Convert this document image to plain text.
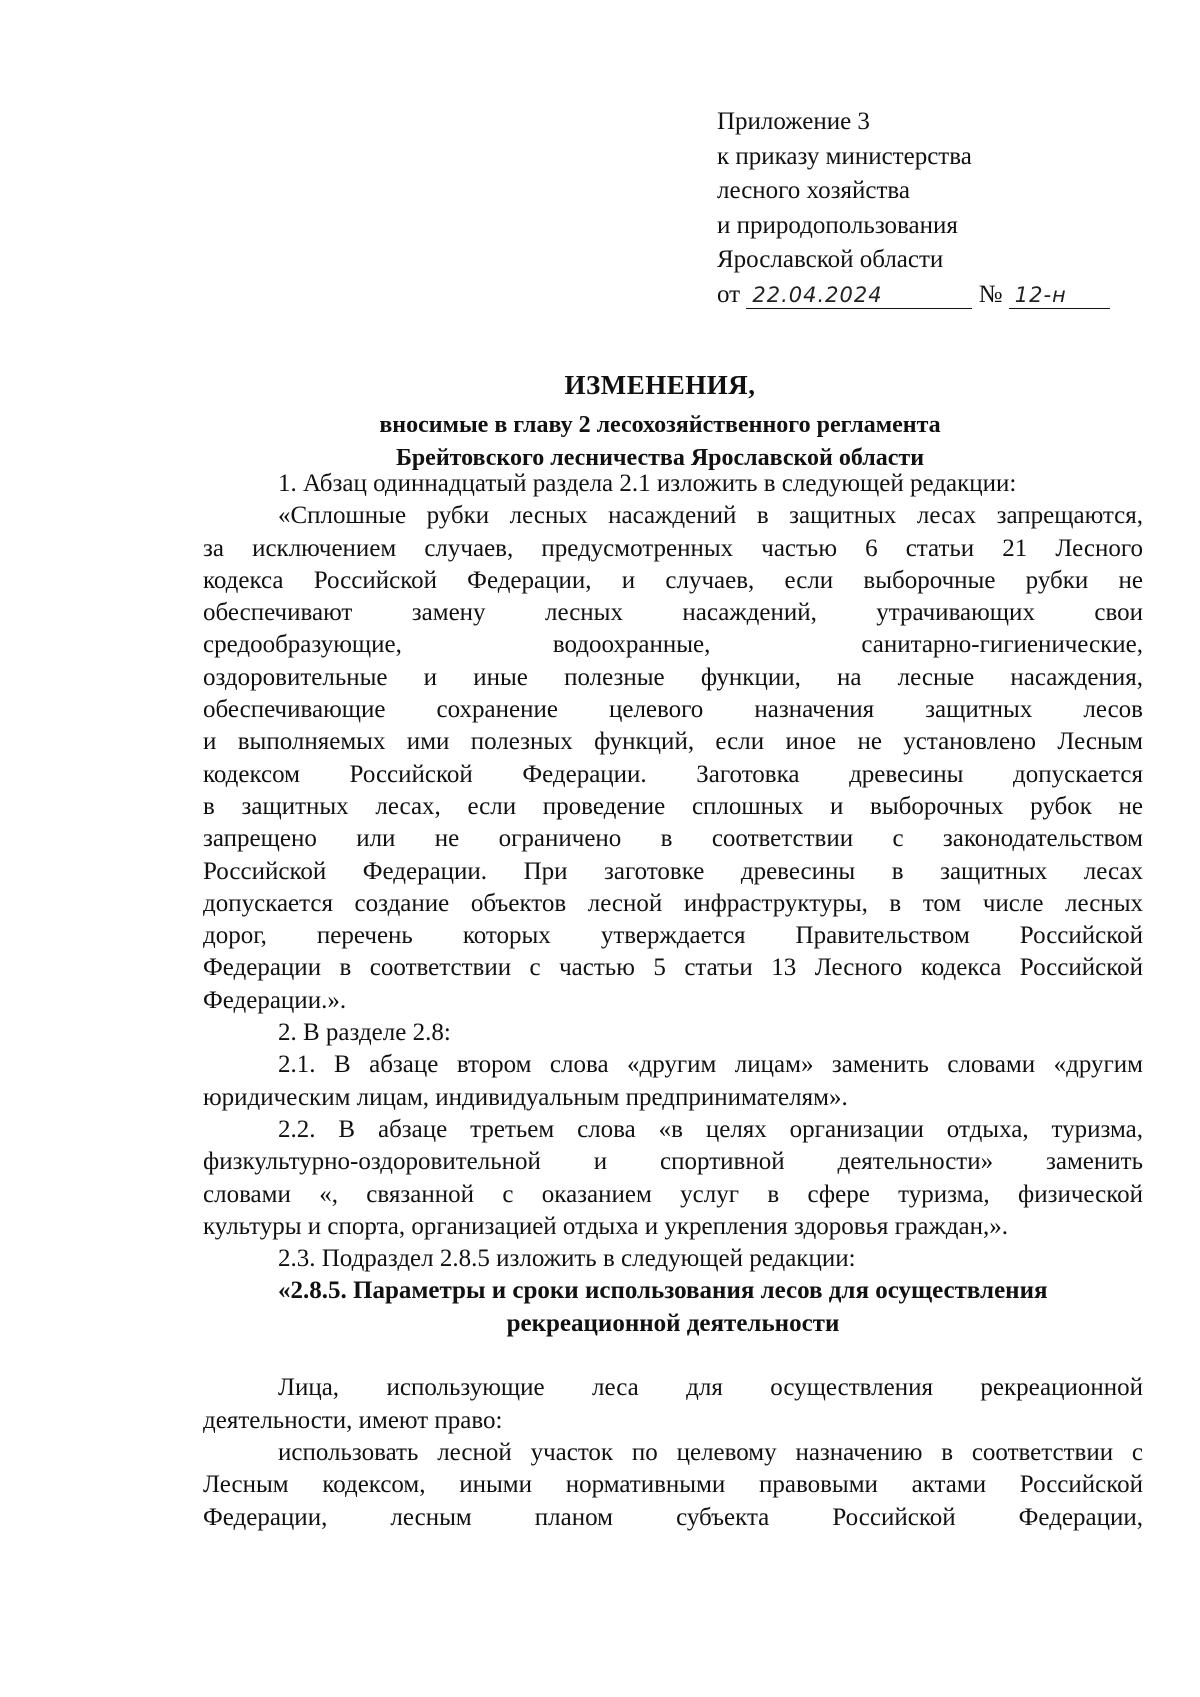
Приложение 3
к приказу министерства
лесного хозяйства
и природопользования
Ярославской области
от 22.04.2024	№ 12-н
ИЗМЕНЕНИЯ,
вносимые в главу 2 лесохозяйственного регламента
Брейтовского лесничества Ярославской области
1. Абзац одиннадцатый раздела 2.1 изложить в следующей редакции:
«Сплошные рубки лесных насаждений в защитных лесах запрещаются,
за исключением случаев, предусмотренных частью 6 статьи 21 Лесного
кодекса Российской Федерации, и случаев, если выборочные рубки не
обеспечивают замену лесных насаждений, утрачивающих свои
средообразующие, водоохранные, санитарно-гигиенические,
оздоровительные и иные полезные функции, на лесные насаждения,
обеспечивающие сохранение целевого назначения защитных лесов
и выполняемых ими полезных функций, если иное не установлено Лесным
кодексом Российской Федерации. Заготовка древесины допускается
в защитных лесах, если проведение сплошных и выборочных рубок не
запрещено или не ограничено в соответствии с законодательством
Российской Федерации. При заготовке древесины в защитных лесах
допускается создание объектов лесной инфраструктуры, в том числе лесных
дорог, перечень которых утверждается Правительством Российской
Федерации в соответствии с частью 5 статьи 13 Лесного кодекса Российской
Федерации.».
2. В разделе 2.8:
2.1. В абзаце втором слова «другим лицам» заменить словами «другим
юридическим лицам, индивидуальным предпринимателям».
2.2. В абзаце третьем слова «в целях организации отдыха, туризма,
физкультурно-оздоровительной и спортивной деятельности» заменить
словами «, связанной с оказанием услуг в сфере туризма, физической
культуры и спорта, организацией отдыха и укрепления здоровья граждан,».
2.3. Подраздел 2.8.5 изложить в следующей редакции:
«2.8.5. Параметры и сроки использования лесов для осуществления
рекреационной деятельности
Лица, использующие леса для осуществления рекреационной
деятельности, имеют право:
использовать лесной участок по целевому назначению в соответствии с
Лесным кодексом, иными нормативными правовыми актами Российской
Федерации, лесным планом субъекта Российской Федерации,
